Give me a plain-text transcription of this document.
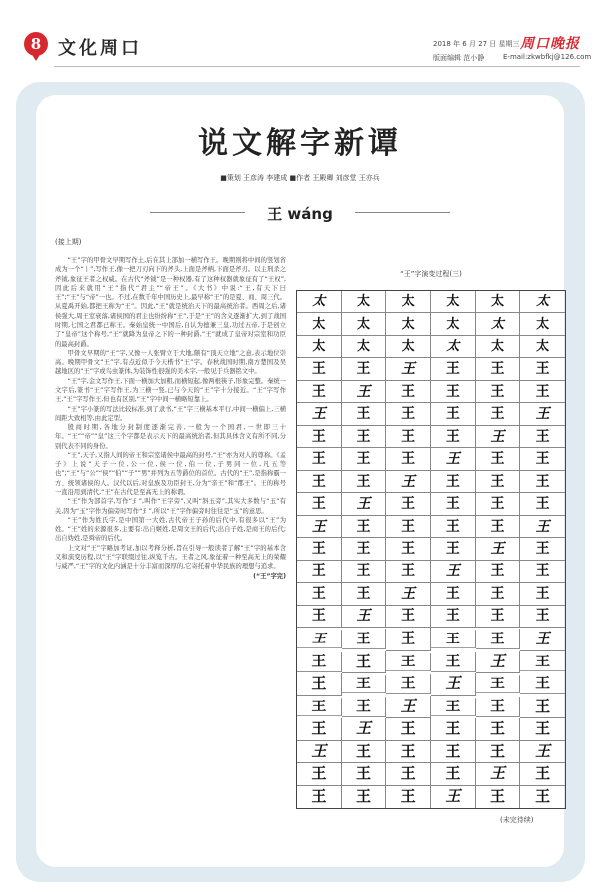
8 文化周口	2018 年 6 月 27 日 星期三
版面编辑 范小静	E-mail:zkwbfkj@126.com
周口晚报
说文解字新谭
■策划 王彦涛 李建成 ■作者 王殿卿 刘彦堂 王亦兵
王 wáng
(接上期)

“王”字的甲骨文早期写作⼟,后在其上部加一横写作王。晚期则将中间的竖划省成为一个“丨”,写作王,像一把刀刃向下的斧头,上面是斧柄,下面是斧刃。以主刑杀之斧钺,象征王者之权威。在古代“斧钺”是一种权器,有了这种权器就象征有了“王权”,因此后来就用“王”指代“君主”“帝王”。《大书》中说:“王,有天下曰王”;“王”与“帝”一也。不过,在数千年中国历史上,最早称“王”的是夏、商、周三代。从夏禹开始,都把王称为“王”。因此,“王”就是统治天下的最高统治者。西周之后,诸侯强大,周王室衰落,诸侯国的君主也纷纷称“王”,于是“王”的含义逐渐扩大,到了战国时期,七国之君都已称王。秦始皇统一中国后,自认为德兼三皇,功过五帝,于是创立了“皇帝”这个称号,“王”就降为皇帝之下的一种封爵,“王”就成了皇帝对宗室和功臣的最高封爵。

甲骨文早期的“王”字,又像一人张臂立于大地,颇有“顶天立地”之意,表示地位崇高。晚期甲骨文“王”字,有点近似于今天楷书“王”字。春秋战国时期,南方楚国及吴越地区的“王”字或鸟虫篆体,为装饰性很强的美术字,一般见于兵器铭文中。

“王”字,金文写作王,下面一横加大加粗,而横短起,像两根筷子,形象完整。秦统一文字后,篆书“王”字写作王,为三横一竖,已与今天的“王”字十分接近。“王”字写作王,“王”字写作王,但也有区别,“王”字中间一横略短靠上。

“王”字小篆的写法比较标准,到了隶书,“王”字三横基本平行,中间一横偏上,三横间距大致相等,由此定型。

殷商时期,各地分封制度逐渐完善,一般为一个国君,一世即三十年。“王”“帝”“皇”这三个字都是表示天下的最高统治者,但其具体含义有所不同,分别代表不同的身份。

“王”,天子,又指人间的帝王和宗室诸侯中最高的封号,“王”亦为对人的尊称。《孟子》上说“天子一位,公一位,侯一位,伯一位,子男同一位,凡五等也”;“王”与“公”“侯”“伯”“子”“男”并列为五等爵位的首位。古代的“王”,是指称霸一方、统领诸侯的人。汉代以后,对皇族及功臣封王,分为“亲王”和“郡王”。王的称号一直沿用到清代,“王”在古代是至高无上的称谓。

“王”作为部首字,写作“⺩”,叫作“王字旁”,又叫“斜玉旁”,其实大多数与“玉”有关,因为“玉”字作为偏旁时写作“⺩”,所以“王”字作偏旁时往往是“玉”的意思。

“王”作为姓氏字,是中国第一大姓,古代帝王子孙的后代中,有很多以“王”为姓。“王”姓的来源很多,主要有:出自姬姓,是周文王的后代;出自子姓,是商王的后代;出自妫姓,是舜帝的后代。

上文对“王”字略加考证,加以考释分析,旨在引导一般读者了解“王”字的基本含义和演变历程,以“王”字联缀过往,纵览千古。王者之风,象征着一种至高无上的荣耀与威严,“王”字的文化内涵是十分丰富而深厚的,它寄托着中华民族的理想与追求。

(“王”字完)

“王”字演变过程(三)
太	太	太	太	太	太
太	太	太	太	太	太
太	太	太	太	太	太
王	王	王	王	王	王
王	王	王	王	王	王
王	王	王	王	王	王
王	王	王	王	王	王
王	王	王	王	王	王
王	王	王	王	王	王
王	王	王	王	王	王
王	王	王	王	王	王
王	王	王	王	王	王
王	王	王	王	王	王
王	王	王	王	王	王
王	王	王	王	王	王
王	王	王	王	王	王
王	王	王	王	王	王
王	王	王	王	王	王
王	王	王	王	王	王
王	王	王	王	王	王
王	王	王	王	王	王
王	王	王	王	王	王
王	王	王	王	王	王
(未完待续)
